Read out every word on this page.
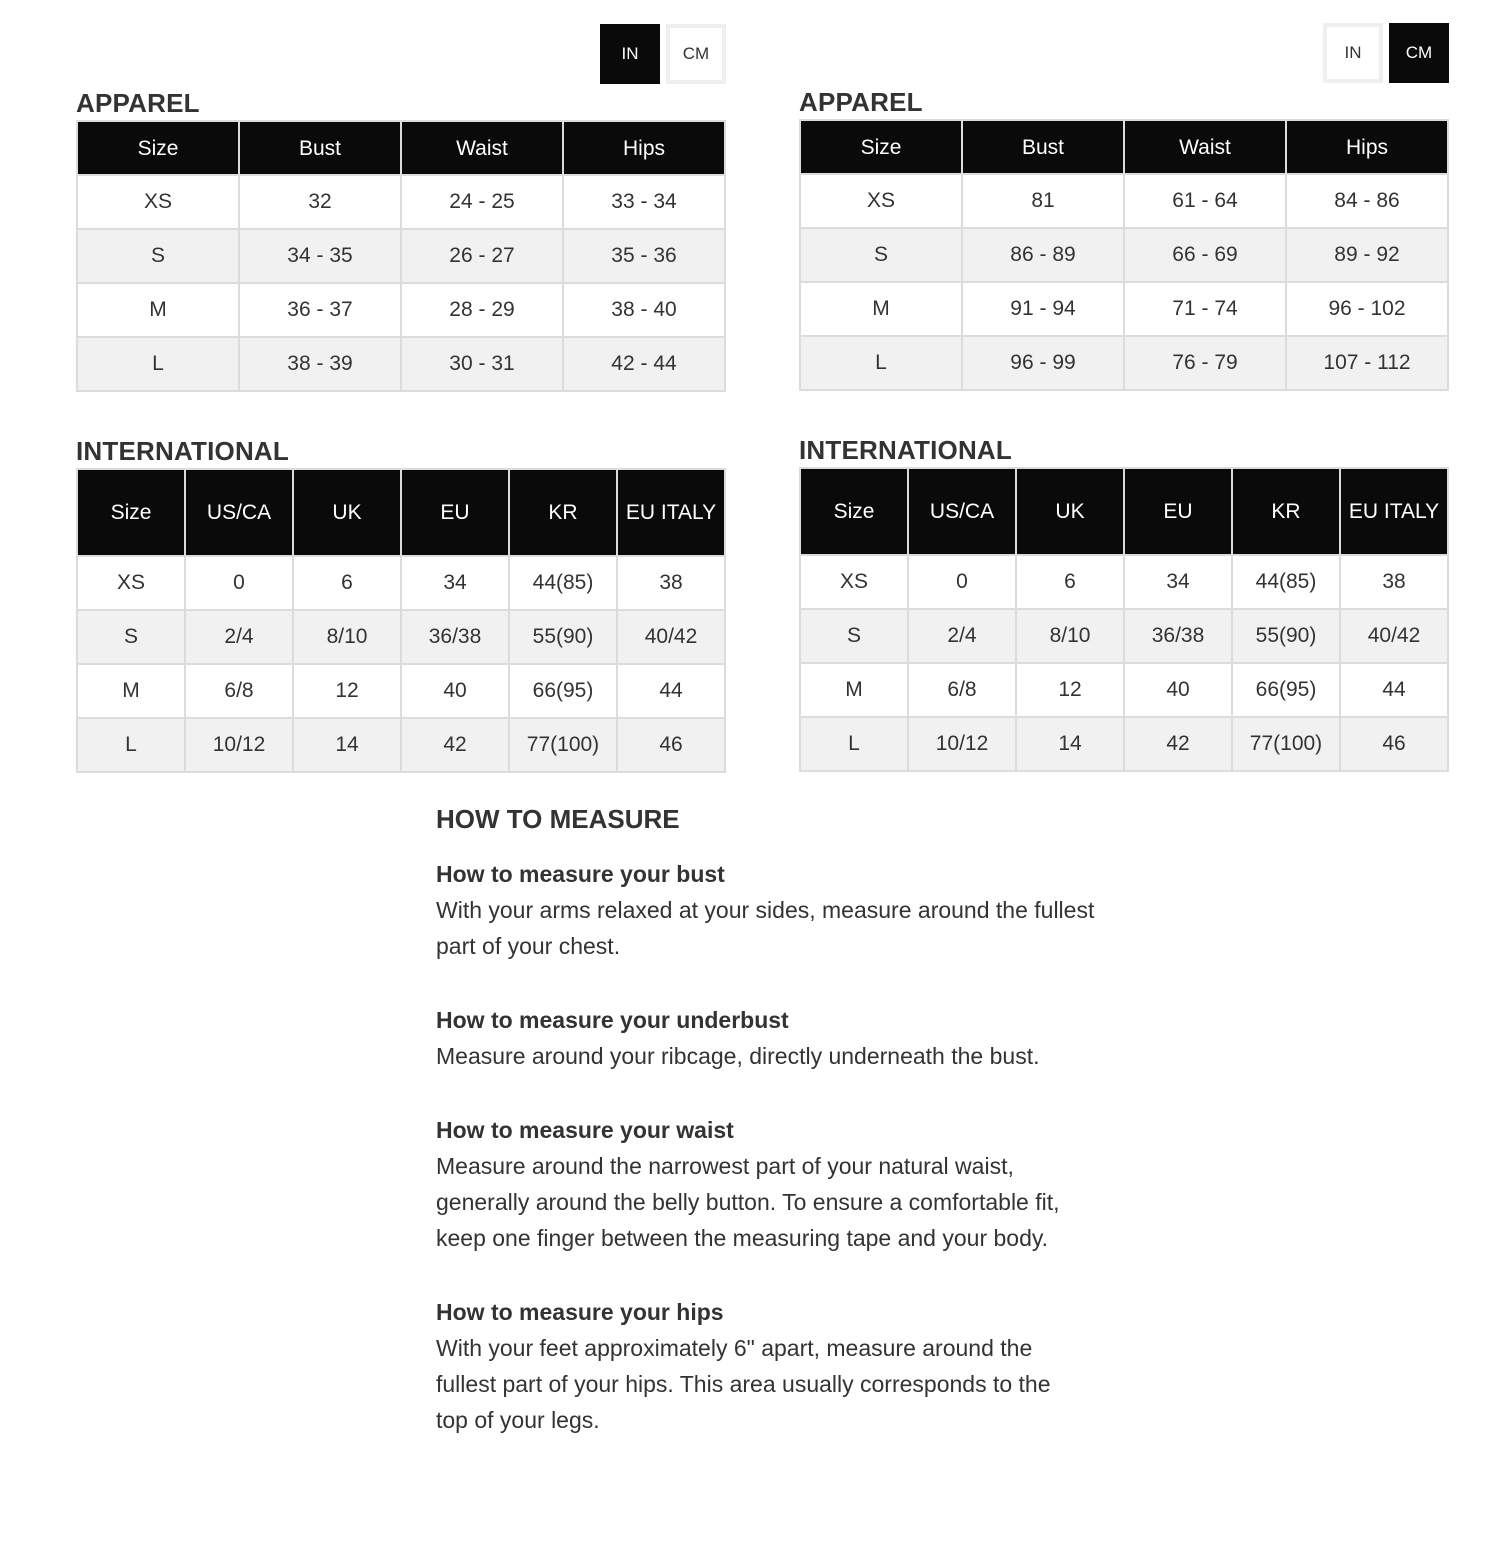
IN	CM
APPAREL
Size	Bust	Waist	Hips
XS	32	24 - 25	33 - 34
S	34 - 35	26 - 27	35 - 36
M	36 - 37	28 - 29	38 - 40
L	38 - 39	30 - 31	42 - 44
INTERNATIONAL
Size	US/CA	UK	EU	KR	EU ITALY
XS	0	6	34	44(85)	38
S	2/4	8/10	36/38	55(90)	40/42
M	6/8	12	40	66(95)	44
L	10/12	14	42	77(100)	46
IN	CM
APPAREL
Size	Bust	Waist	Hips
XS	81	61 - 64	84 - 86
S	86 - 89	66 - 69	89 - 92
M	91 - 94	71 - 74	96 - 102
L	96 - 99	76 - 79	107 - 112
INTERNATIONAL
Size	US/CA	UK	EU	KR	EU ITALY
XS	0	6	34	44(85)	38
S	2/4	8/10	36/38	55(90)	40/42
M	6/8	12	40	66(95)	44
L	10/12	14	42	77(100)	46
HOW TO MEASURE
How to measure your bust
With your arms relaxed at your sides, measure around the fullest part of your chest.
How to measure your underbust
Measure around your ribcage, directly underneath the bust.
How to measure your waist
Measure around the narrowest part of your natural waist, generally around the belly button. To ensure a comfortable fit, keep one finger between the measuring tape and your body.
How to measure your hips
With your feet approximately 6" apart, measure around the fullest part of your hips. This area usually corresponds to the top of your legs.
